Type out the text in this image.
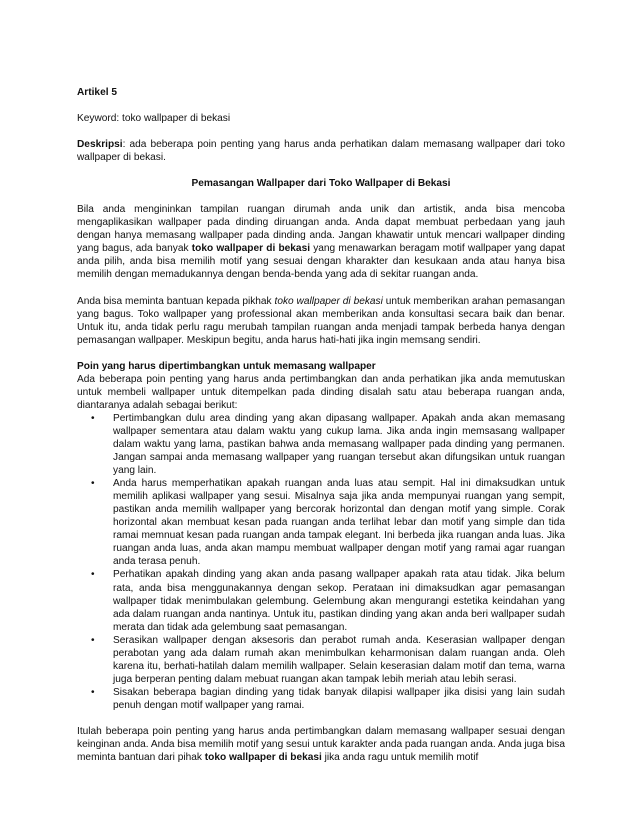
Artikel 5

Keyword: toko wallpaper di bekasi

Deskripsi: ada beberapa poin penting yang harus anda perhatikan dalam memasang wallpaper dari toko wallpaper di bekasi.

Pemasangan Wallpaper dari Toko Wallpaper di Bekasi

Bila anda mengininkan tampilan ruangan dirumah anda unik dan artistik, anda bisa mencoba mengaplikasikan wallpaper pada dinding diruangan anda. Anda dapat membuat perbedaan yang jauh dengan hanya memasang wallpaper pada dinding anda. Jangan khawatir untuk mencari wallpaper dinding yang bagus, ada banyak toko wallpaper di bekasi yang menawarkan beragam motif wallpaper yang dapat anda pilih, anda bisa memilih motif yang sesuai dengan kharakter dan kesukaan anda atau hanya bisa memilih dengan memadukannya dengan benda-benda yang ada di sekitar ruangan anda.

Anda bisa meminta bantuan kepada pikhak toko wallpaper di bekasi untuk memberikan arahan pemasangan yang bagus. Toko wallpaper yang professional akan memberikan anda konsultasi secara baik dan benar. Untuk itu, anda tidak perlu ragu merubah tampilan ruangan anda menjadi tampak berbeda hanya dengan pemasangan wallpaper. Meskipun begitu, anda harus hati-hati jika ingin memsang sendiri.

Poin yang harus dipertimbangkan untuk memasang wallpaper

Ada beberapa poin penting yang harus anda pertimbangkan dan anda perhatikan jika anda memutuskan untuk membeli wallpaper untuk ditempelkan pada dinding disalah satu atau beberapa ruangan anda, diantaranya adalah sebagai berikut:

• Pertimbangkan dulu area dinding yang akan dipasang wallpaper. Apakah anda akan memasang wallpaper sementara atau dalam waktu yang cukup lama. Jika anda ingin memsasang wallpaper dalam waktu yang lama, pastikan bahwa anda memasang wallpaper pada dinding yang permanen. Jangan sampai anda memasang wallpaper yang ruangan tersebut akan difungsikan untuk ruangan yang lain.
• Anda harus memperhatikan apakah ruangan anda luas atau sempit. Hal ini dimaksudkan untuk memilih aplikasi wallpaper yang sesui. Misalnya saja jika anda mempunyai ruangan yang sempit, pastikan anda memilih wallpaper yang bercorak horizontal dan dengan motif yang simple. Corak horizontal akan membuat kesan pada ruangan anda terlihat lebar dan motif yang simple dan tida ramai memnuat kesan pada ruangan anda tampak elegant. Ini berbeda jika ruangan anda luas. Jika ruangan anda luas, anda akan mampu membuat wallpaper dengan motif yang ramai agar ruangan anda terasa penuh.
• Perhatikan apakah dinding yang akan anda pasang wallpaper apakah rata atau tidak. Jika belum rata, anda bisa menggunakannya dengan sekop. Perataan ini dimaksudkan agar pemasangan wallpaper tidak menimbulakan gelembung. Gelembung akan mengurangi estetika keindahan yang ada dalam ruangan anda nantinya. Untuk itu, pastikan dinding yang akan anda beri wallpaper sudah merata dan tidak ada gelembung saat pemasangan.
• Serasikan wallpaper dengan aksesoris dan perabot rumah anda. Keserasian wallpaper dengan perabotan yang ada dalam rumah akan menimbulkan keharmonisan dalam ruangan anda. Oleh karena itu, berhati-hatilah dalam memilih wallpaper. Selain keserasian dalam motif dan tema, warna juga berperan penting dalam mebuat ruangan akan tampak lebih meriah atau lebih serasi.
• Sisakan beberapa bagian dinding yang tidak banyak dilapisi wallpaper jika disisi yang lain sudah penuh dengan motif wallpaper yang ramai.

Itulah beberapa poin penting yang harus anda pertimbangkan dalam memasang wallpaper sesuai dengan keinginan anda. Anda bisa memilih motif yang sesui untuk karakter anda pada ruangan anda. Anda juga bisa meminta bantuan dari pihak toko wallpaper di bekasi jika anda ragu untuk memilih motif
